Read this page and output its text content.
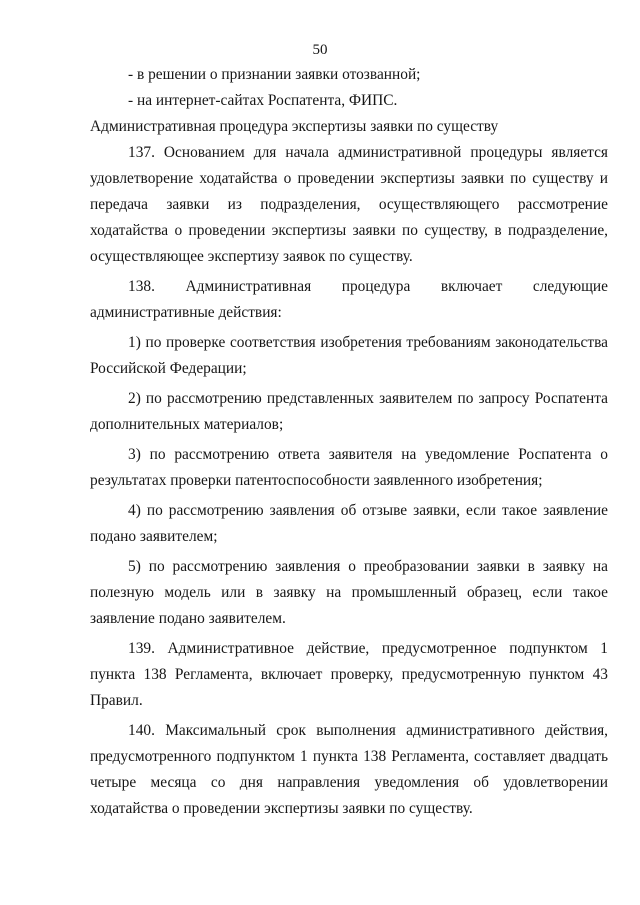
50

- в решении о признании заявки отозванной;

- на интернет-сайтах Роспатента, ФИПС.

Административная процедура экспертизы заявки по существу

137. Основанием для начала административной процедуры является удовлетворение ходатайства о проведении экспертизы заявки по существу и передача заявки из подразделения, осуществляющего рассмотрение ходатайства о проведении экспертизы заявки по существу, в подразделение, осуществляющее экспертизу заявок по существу.

138. Административная процедура включает следующие административные действия:

1) по проверке соответствия изобретения требованиям законодательства Российской Федерации;

2) по рассмотрению представленных заявителем по запросу Роспатента дополнительных материалов;

3) по рассмотрению ответа заявителя на уведомление Роспатента о результатах проверки патентоспособности заявленного изобретения;

4) по рассмотрению заявления об отзыве заявки, если такое заявление подано заявителем;

5) по рассмотрению заявления о преобразовании заявки в заявку на полезную модель или в заявку на промышленный образец, если такое заявление подано заявителем.

139. Административное действие, предусмотренное подпунктом 1 пункта 138 Регламента, включает проверку, предусмотренную пунктом 43 Правил.

140. Максимальный срок выполнения административного действия, предусмотренного подпунктом 1 пункта 138 Регламента, составляет двадцать четыре месяца со дня направления уведомления об удовлетворении ходатайства о проведении экспертизы заявки по существу.
